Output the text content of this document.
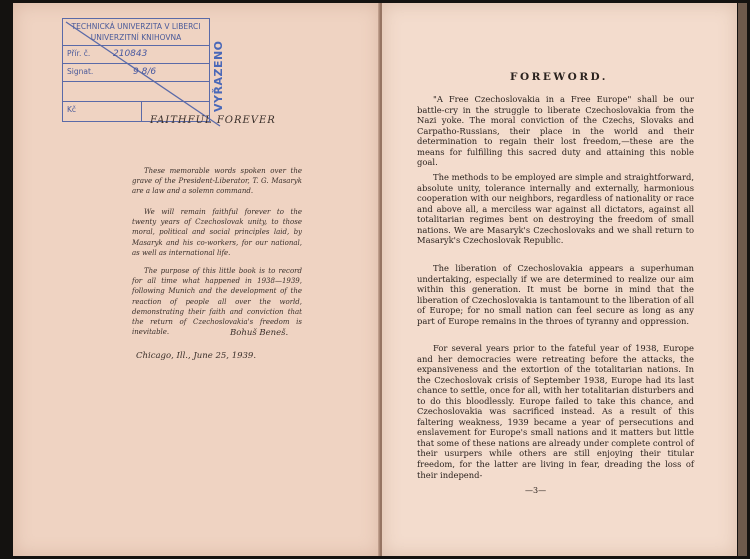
TECHNICKÁ UNIVERZITA V LIBERCI
UNIVERZITNÍ KNIHOVNA
Přír. č.	210843
Signat.	9 8/6
Kč	VYŘAZENO
FAITHFUL FOREVER
These memorable words spoken over the grave of the President-Liberator, T. G. Masaryk are a law and a solemn command.
We will remain faithful forever to the twenty years of Czechoslovak unity, to those moral, political and social principles laid, by Masaryk and his co-workers, for our national, as well as international life.
The purpose of this little book is to record for all time what happened in 1938—1939, following Munich and the development of the reaction of people all over the world, demonstrating their faith and conviction that the return of Czechoslovakia's freedom is inevitable.	Bohuš Beneš.
Chicago, Ill., June 25, 1939.
FOREWORD.
"A Free Czechoslovakia in a Free Europe" shall be our battle-cry in the struggle to liberate Czechoslovakia from the Nazi yoke. The moral conviction of the Czechs, Slovaks and Carpatho-Russians, their place in the world and their determination to regain their lost freedom,—these are the means for fulfilling this sacred duty and attaining this noble goal.
The methods to be employed are simple and straightforward, absolute unity, tolerance internally and externally, harmonious cooperation with our neighbors, regardless of nationality or race and above all, a merciless war against all dictators, against all totalitarian regimes bent on destroying the freedom of small nations. We are Masaryk's Czechoslovaks and we shall return to Masaryk's Czechoslovak Republic.
The liberation of Czechoslovakia appears a superhuman undertaking, especially if we are determined to realize our aim within this generation. It must be borne in mind that the liberation of Czechoslovakia is tantamount to the liberation of all of Europe; for no small nation can feel secure as long as any part of Europe remains in the throes of tyranny and oppression.
For several years prior to the fateful year of 1938, Europe and her democracies were retreating before the attacks, the expansiveness and the extortion of the totalitarian nations. In the Czechoslovak crisis of September 1938, Europe had its last chance to settle, once for all, with her totalitarian disturbers and to do this bloodlessly. Europe failed to take this chance, and Czechoslovakia was sacrificed instead. As a result of this faltering weakness, 1939 became a year of persecutions and enslavement for Europe's small nations and it matters but little that some of these nations are already under complete control of their usurpers while others are still enjoying their titular freedom, for the latter are living in fear, dreading the loss of their independ-
—3—
